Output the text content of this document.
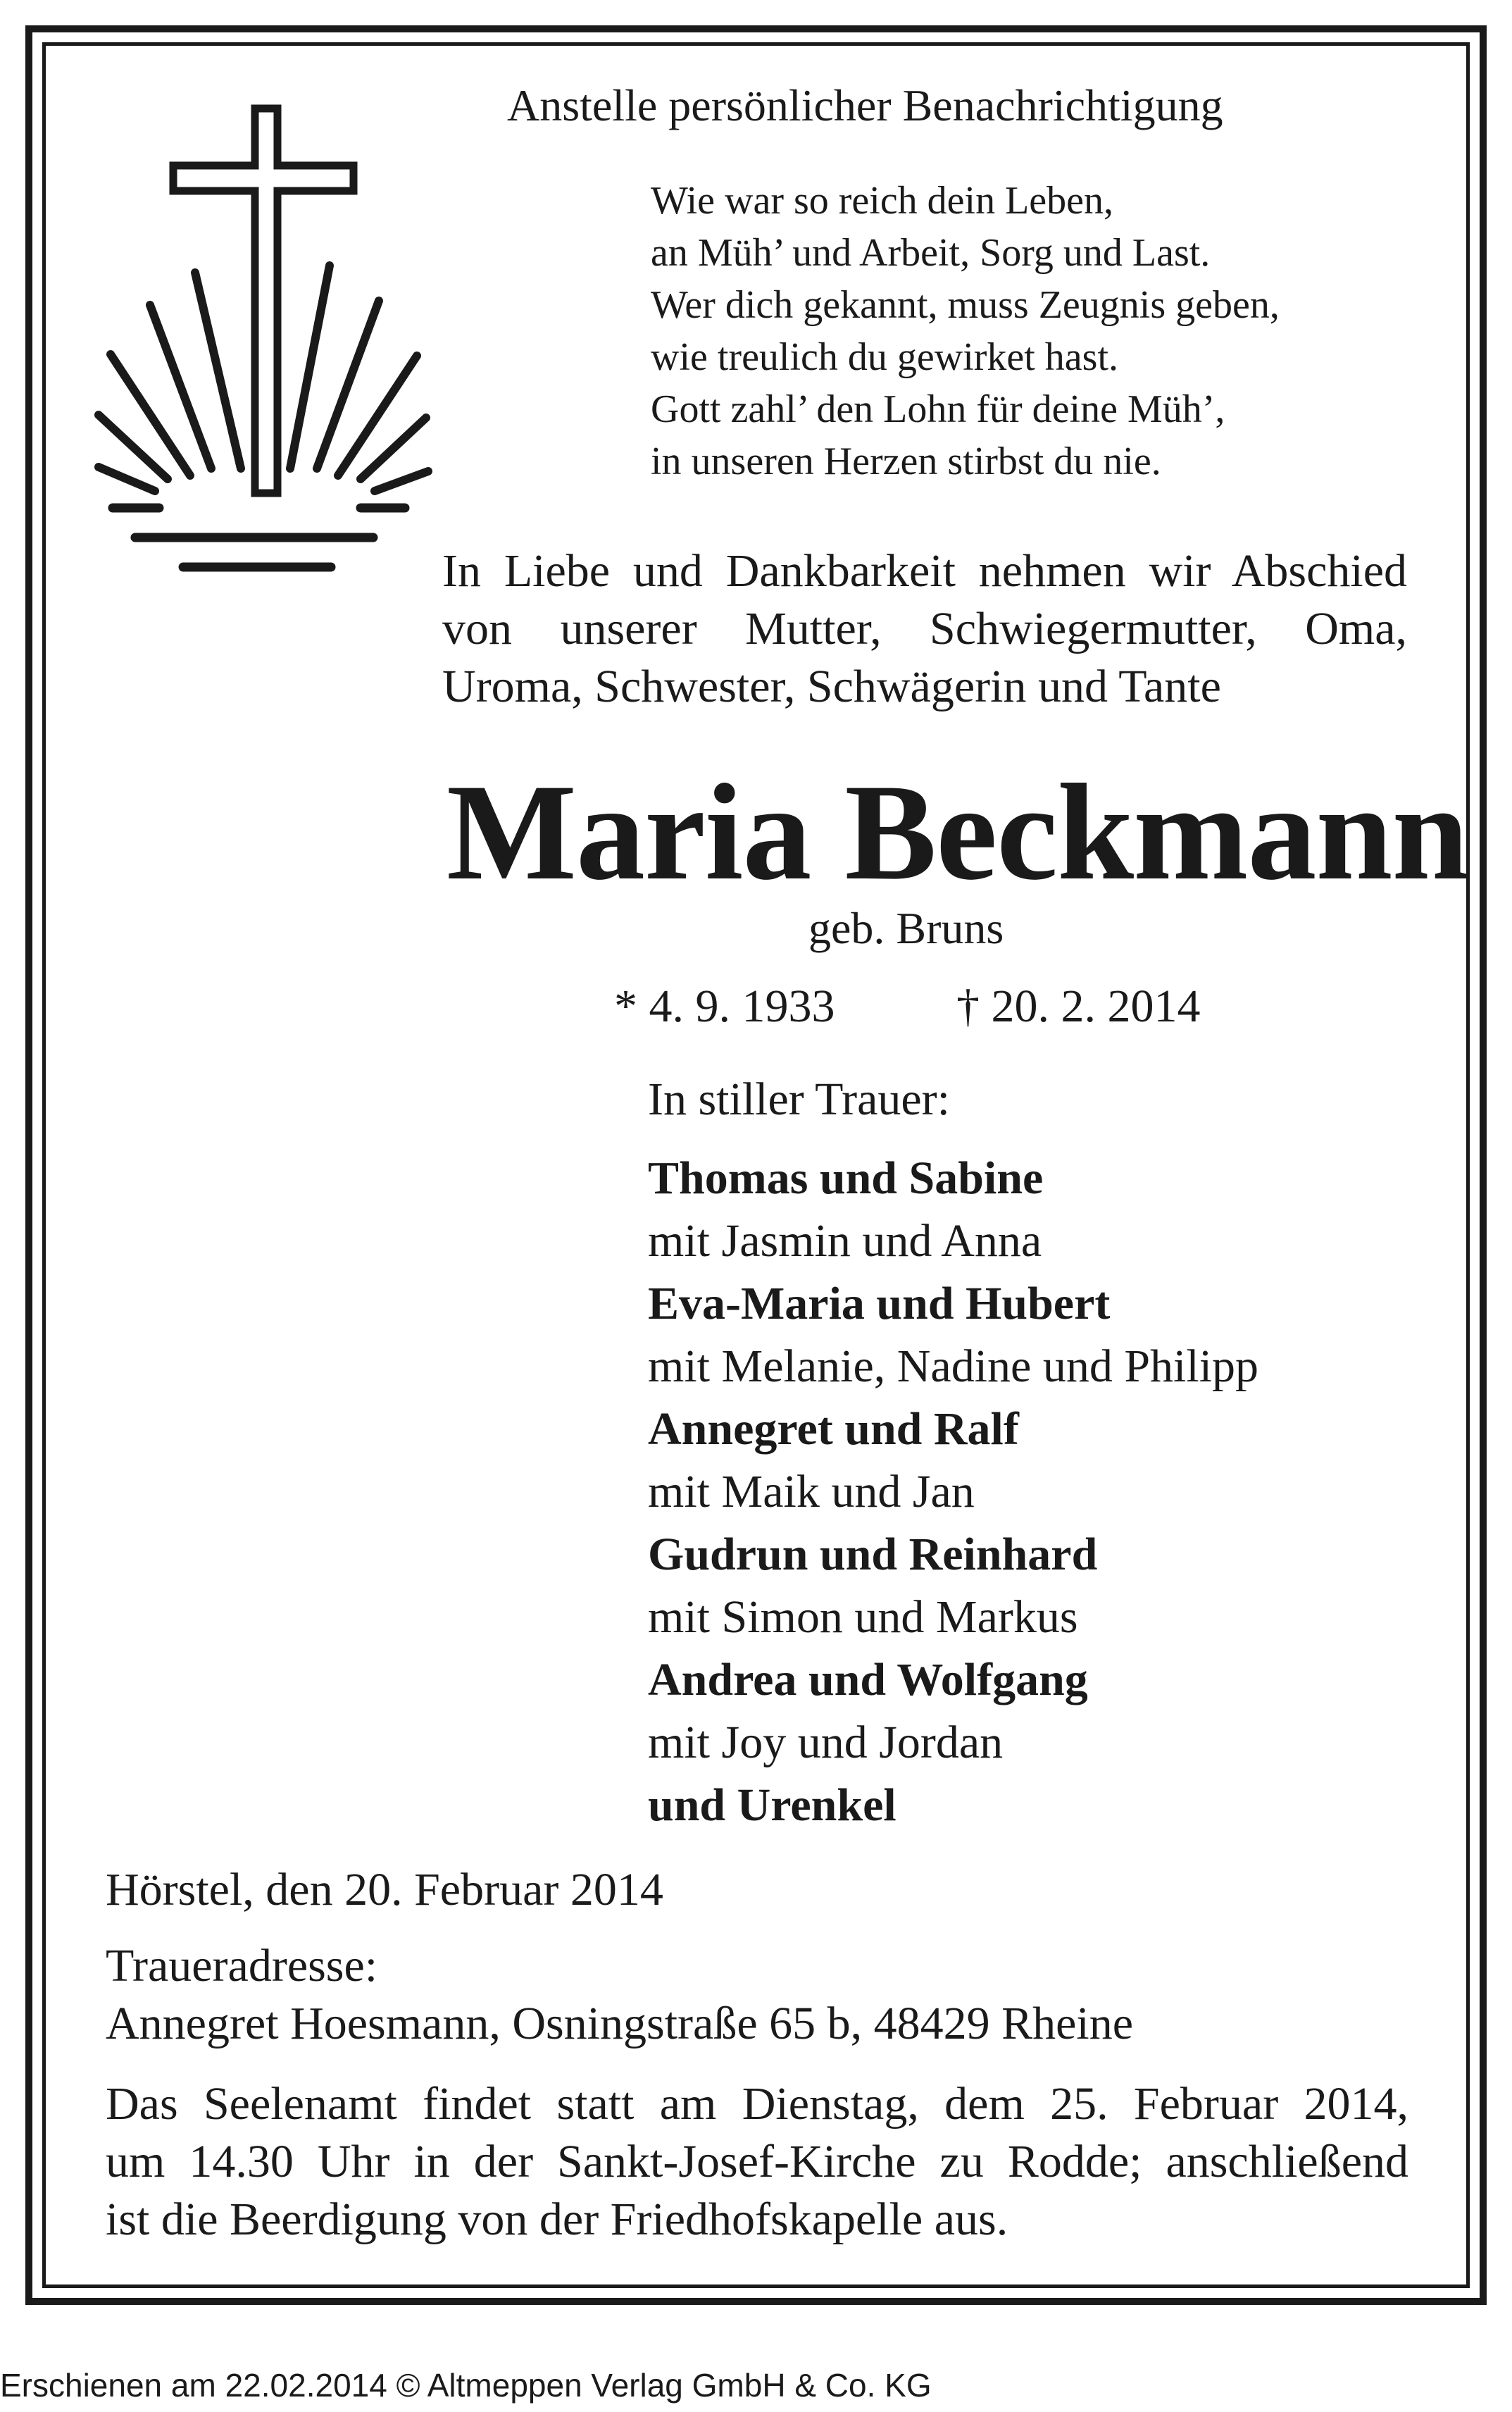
Anstelle persönlicher Benachrichtigung
Wie war so reich dein Leben,
an Müh’ und Arbeit, Sorg und Last.
Wer dich gekannt, muss Zeugnis geben,
wie treulich du gewirket hast.
Gott zahl’ den Lohn für deine Müh’,
in unseren Herzen stirbst du nie.
In Liebe und Dankbarkeit nehmen wir Abschied
von unserer Mutter, Schwiegermutter, Oma,
Uroma, Schwester, Schwägerin und Tante
Maria Beckmann
geb. Bruns
* 4. 9. 1933	† 20. 2. 2014
In stiller Trauer:
Thomas und Sabine
mit Jasmin und Anna
Eva-Maria und Hubert
mit Melanie, Nadine und Philipp
Annegret und Ralf
mit Maik und Jan
Gudrun und Reinhard
mit Simon und Markus
Andrea und Wolfgang
mit Joy und Jordan
und Urenkel
Hörstel, den 20. Februar 2014
Traueradresse:
Annegret Hoesmann, Osningstraße 65 b, 48429 Rheine
Das Seelenamt findet statt am Dienstag, dem 25. Februar 2014,
um 14.30 Uhr in der Sankt-Josef-Kirche zu Rodde; anschließend
ist die Beerdigung von der Friedhofskapelle aus.
Erschienen am 22.02.2014 © Altmeppen Verlag GmbH & Co. KG
